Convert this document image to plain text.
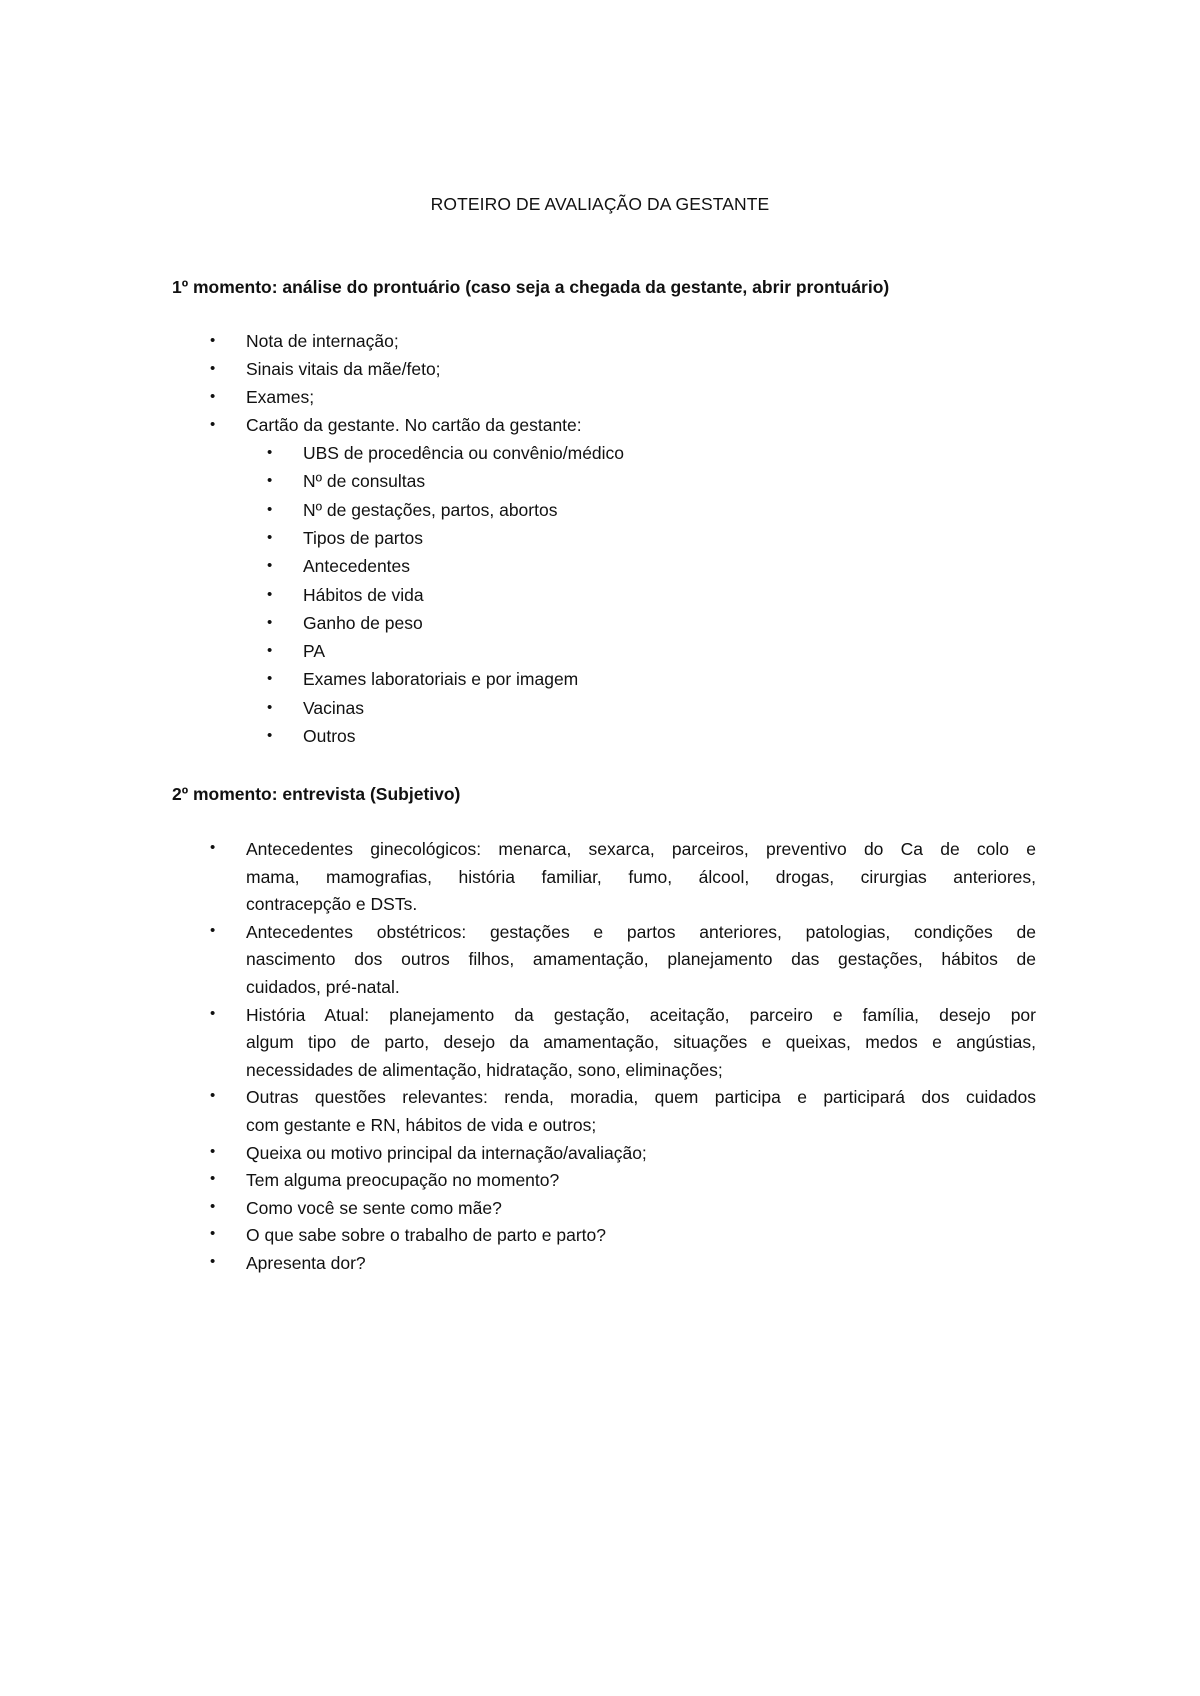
ROTEIRO DE AVALIAÇÃO DA GESTANTE
1º momento: análise do prontuário (caso seja a chegada da gestante, abrir prontuário)
• Nota de internação;
• Sinais vitais da mãe/feto;
• Exames;
• Cartão da gestante. No cartão da gestante:
• UBS de procedência ou convênio/médico
• Nº de consultas
• Nº de gestações, partos, abortos
• Tipos de partos
• Antecedentes
• Hábitos de vida
• Ganho de peso
• PA
• Exames laboratoriais e por imagem
• Vacinas
• Outros
2º momento: entrevista (Subjetivo)
• Antecedentes ginecológicos: menarca, sexarca, parceiros, preventivo do Ca de colo e
mama, mamografias, história familiar, fumo, álcool, drogas, cirurgias anteriores,
contracepção e DSTs.
• Antecedentes obstétricos: gestações e partos anteriores, patologias, condições de
nascimento dos outros filhos, amamentação, planejamento das gestações, hábitos de
cuidados, pré-natal.
• História Atual: planejamento da gestação, aceitação, parceiro e família, desejo por
algum tipo de parto, desejo da amamentação, situações e queixas, medos e angústias,
necessidades de alimentação, hidratação, sono, eliminações;
• Outras questões relevantes: renda, moradia, quem participa e participará dos cuidados
com gestante e RN, hábitos de vida e outros;
• Queixa ou motivo principal da internação/avaliação;
• Tem alguma preocupação no momento?
• Como você se sente como mãe?
• O que sabe sobre o trabalho de parto e parto?
• Apresenta dor?
